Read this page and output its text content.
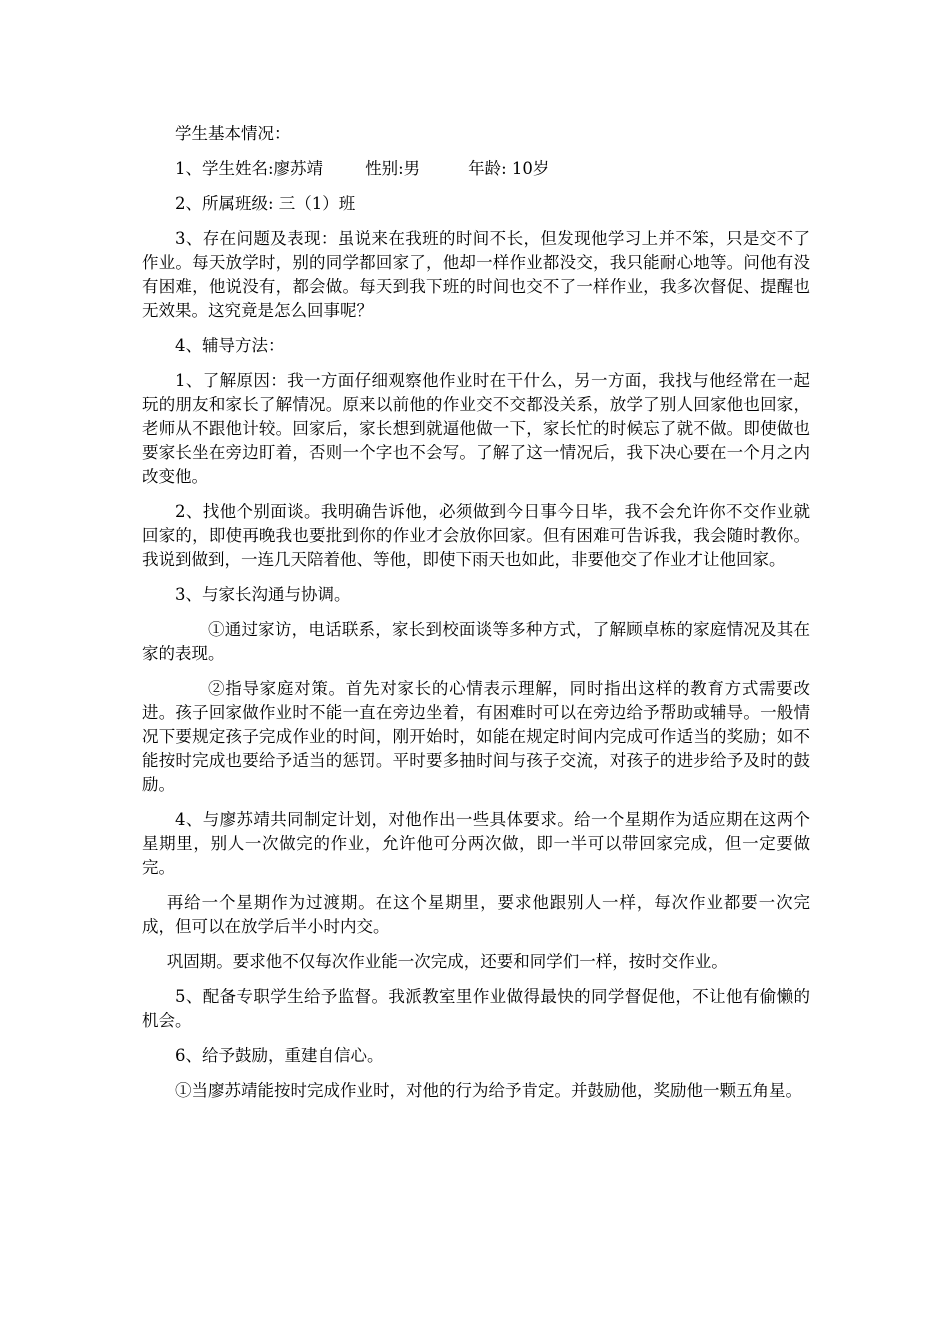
学生基本情况：

1、学生姓名:廖苏靖	性别:男	年龄: 10岁

2、所属班级: 三（1）班

3、存在问题及表现：虽说来在我班的时间不长，但发现他学习上并不笨，只是交不了作业。每天放学时，别的同学都回家了，他却一样作业都没交，我只能耐心地等。问他有没有困难，他说没有，都会做。每天到我下班的时间也交不了一样作业，我多次督促、提醒也无效果。这究竟是怎么回事呢？

4、辅导方法：

1、了解原因：我一方面仔细观察他作业时在干什么，另一方面，我找与他经常在一起玩的朋友和家长了解情况。原来以前他的作业交不交都没关系，放学了别人回家他也回家，老师从不跟他计较。回家后，家长想到就逼他做一下，家长忙的时候忘了就不做。即使做也要家长坐在旁边盯着，否则一个字也不会写。了解了这一情况后，我下决心要在一个月之内改变他。

2、找他个别面谈。我明确告诉他，必须做到今日事今日毕，我不会允许你不交作业就回家的，即使再晚我也要批到你的作业才会放你回家。但有困难可告诉我，我会随时教你。我说到做到，一连几天陪着他、等他，即使下雨天也如此，非要他交了作业才让他回家。

3、与家长沟通与协调。

①通过家访，电话联系，家长到校面谈等多种方式，了解顾卓栋的家庭情况及其在家的表现。

②指导家庭对策。首先对家长的心情表示理解，同时指出这样的教育方式需要改进。孩子回家做作业时不能一直在旁边坐着，有困难时可以在旁边给予帮助或辅导。一般情况下要规定孩子完成作业的时间，刚开始时，如能在规定时间内完成可作适当的奖励；如不能按时完成也要给予适当的惩罚。平时要多抽时间与孩子交流，对孩子的进步给予及时的鼓励。

4、与廖苏靖共同制定计划，对他作出一些具体要求。给一个星期作为适应期在这两个星期里，别人一次做完的作业，允许他可分两次做，即一半可以带回家完成，但一定要做完。

再给一个星期作为过渡期。在这个星期里，要求他跟别人一样，每次作业都要一次完成，但可以在放学后半小时内交。

巩固期。要求他不仅每次作业能一次完成，还要和同学们一样，按时交作业。

5、配备专职学生给予监督。我派教室里作业做得最快的同学督促他，不让他有偷懒的机会。

6、给予鼓励，重建自信心。

①当廖苏靖能按时完成作业时，对他的行为给予肯定。并鼓励他，奖励他一颗五角星。
